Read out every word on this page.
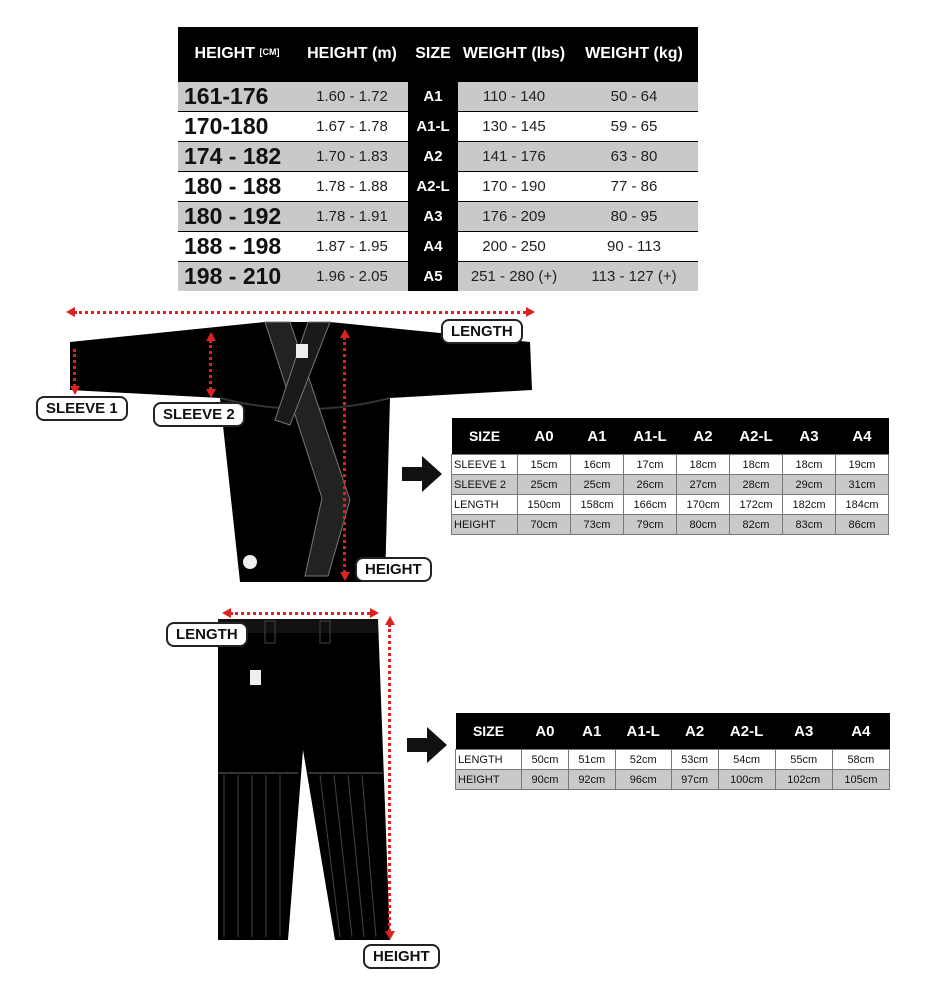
HEIGHT [CM]	HEIGHT (m)	SIZE	WEIGHT (lbs)	WEIGHT (kg)
161-176	1.60 - 1.72	A1	110 - 140	50 - 64
170-180	1.67 - 1.78	A1-L	130 - 145	59 - 65
174 - 182	1.70 - 1.83	A2	141 - 176	63 - 80
180 - 188	1.78 - 1.88	A2-L	170 - 190	77 - 86
180 - 192	1.78 - 1.91	A3	176 - 209	80 - 95
188 - 198	1.87 - 1.95	A4	200 - 250	90 - 113
198 - 210	1.96 - 2.05	A5	251 - 280 (+)	113 - 127 (+)
LENGTH
SLEEVE 1	SLEEVE 2
HEIGHT
SIZE	A0	A1	A1-L	A2	A2-L	A3	A4
SLEEVE 1	15cm	16cm	17cm	18cm	18cm	18cm	19cm
SLEEVE 2	25cm	25cm	26cm	27cm	28cm	29cm	31cm
LENGTH	150cm	158cm	166cm	170cm	172cm	182cm	184cm
HEIGHT	70cm	73cm	79cm	80cm	82cm	83cm	86cm
LENGTH
HEIGHT
SIZE	A0	A1	A1-L	A2	A2-L	A3	A4
LENGTH	50cm	51cm	52cm	53cm	54cm	55cm	58cm
HEIGHT	90cm	92cm	96cm	97cm	100cm	102cm	105cm
